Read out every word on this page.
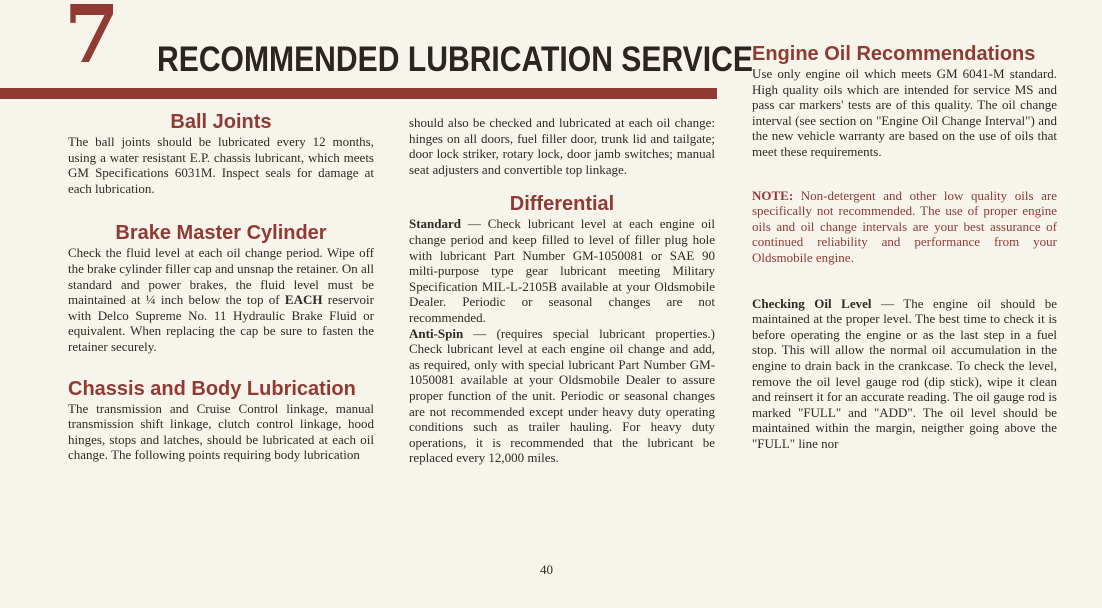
7 RECOMMENDED LUBRICATION SERVICE
Ball Joints

The ball joints should be lubricated every 12 months, using a water resistant E.P. chassis lubricant, which meets GM Specifications 6031M. Inspect seals for damage at each lubrication.

Brake Master Cylinder

Check the fluid level at each oil change period. Wipe off the brake cylinder filler cap and unsnap the retainer. On all standard and power brakes, the fluid level must be maintained at ¼ inch below the top of EACH reservoir with Delco Supreme No. 11 Hydraulic Brake Fluid or equivalent. When replacing the cap be sure to fasten the retainer securely.

Chassis and Body Lubrication

The transmission and Cruise Control linkage, manual transmission shift linkage, clutch control linkage, hood hinges, stops and latches, should be lubricated at each oil change. The following points requiring body lubrication

should also be checked and lubricated at each oil change: hinges on all doors, fuel filler door, trunk lid and tailgate; door lock striker, rotary lock, door jamb switches; manual seat adjusters and convertible top linkage.

Differential

Standard — Check lubricant level at each engine oil change period and keep filled to level of filler plug hole with lubricant Part Number GM-1050081 or SAE 90 milti-purpose type gear lubricant meeting Military Specification MIL-L-2105B available at your Oldsmobile Dealer. Periodic or seasonal changes are not recommended.

Anti-Spin — (requires special lubricant properties.) Check lubricant level at each engine oil change and add, as required, only with special lubricant Part Number GM-1050081 available at your Oldsmobile Dealer to assure proper function of the unit. Periodic or seasonal changes are not recommended except under heavy duty operating conditions such as trailer hauling. For heavy duty operations, it is recommended that the lubricant be replaced every 12,000 miles.

Engine Oil Recommendations

Use only engine oil which meets GM 6041-M standard. High quality oils which are intended for service MS and pass car markers' tests are of this quality. The oil change interval (see section on "Engine Oil Change Interval") and the new vehicle warranty are based on the use of oils that meet these requirements.

NOTE: Non-detergent and other low quality oils are specifically not recommended. The use of proper engine oils and oil change intervals are your best assurance of continued reliability and performance from your Oldsmobile engine.

Checking Oil Level — The engine oil should be maintained at the proper level. The best time to check it is before operating the engine or as the last step in a fuel stop. This will allow the normal oil accumulation in the engine to drain back in the crankcase. To check the level, remove the oil level gauge rod (dip stick), wipe it clean and reinsert it for an accurate reading. The oil gauge rod is marked "FULL" and "ADD". The oil level should be maintained within the margin, neigther going above the "FULL" line nor

40
